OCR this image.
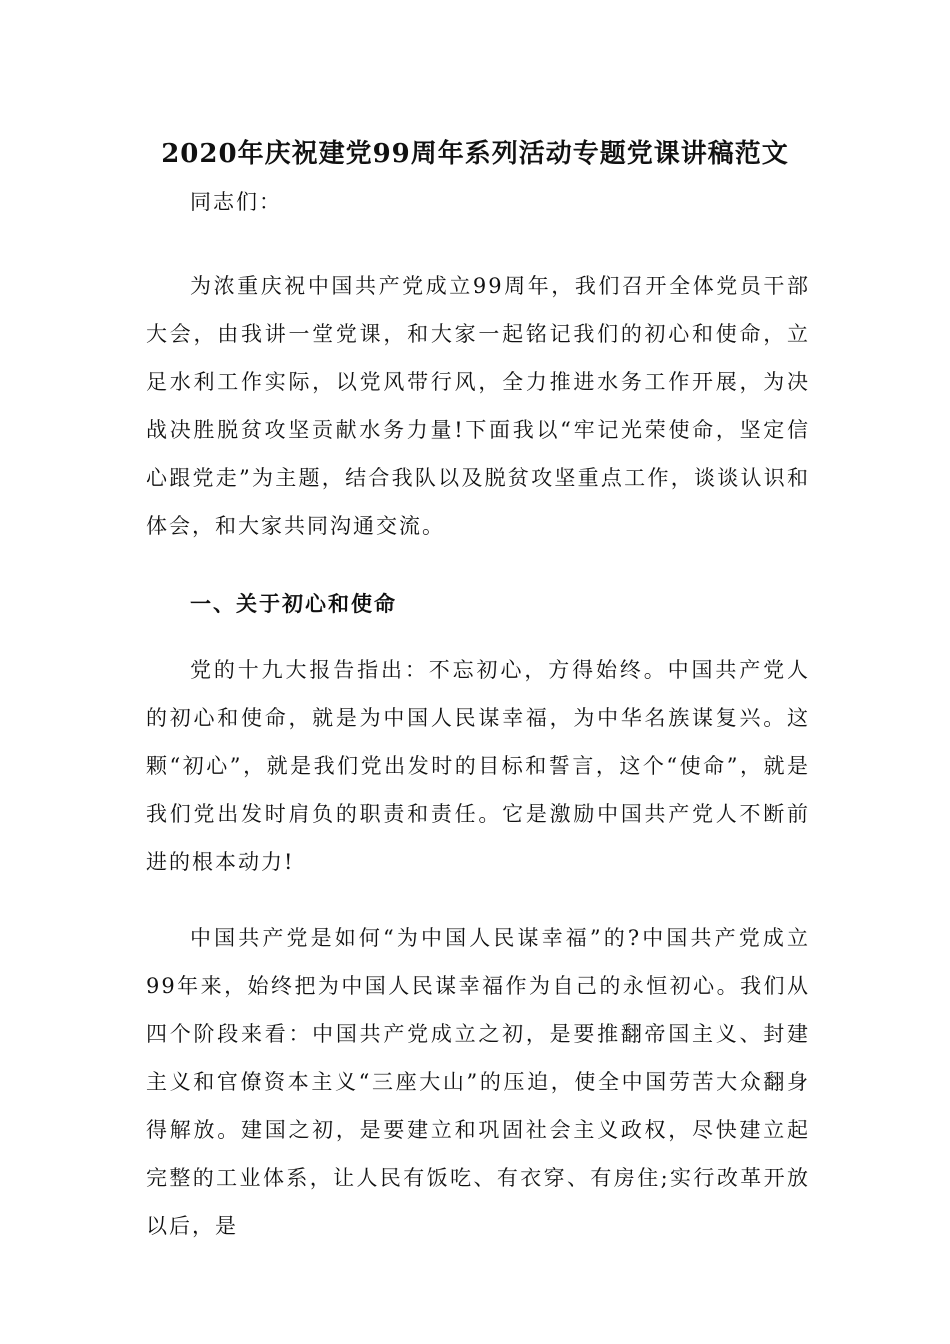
2020年庆祝建党99周年系列活动专题党课讲稿范文

同志们：

为浓重庆祝中国共产党成立99周年，我们召开全体党员干部大会，由我讲一堂党课，和大家一起铭记我们的初心和使命，立足水利工作实际，以党风带行风，全力推进水务工作开展，为决战决胜脱贫攻坚贡献水务力量!下面我以“牢记光荣使命，坚定信心跟党走”为主题，结合我队以及脱贫攻坚重点工作，谈谈认识和体会，和大家共同沟通交流。

一、关于初心和使命

党的十九大报告指出：不忘初心，方得始终。中国共产党人的初心和使命，就是为中国人民谋幸福，为中华名族谋复兴。这颗“初心”，就是我们党出发时的目标和誓言，这个“使命”，就是我们党出发时肩负的职责和责任。它是激励中国共产党人不断前进的根本动力!

中国共产党是如何“为中国人民谋幸福”的?中国共产党成立99年来，始终把为中国人民谋幸福作为自己的永恒初心。我们从四个阶段来看：中国共产党成立之初，是要推翻帝国主义、封建主义和官僚资本主义“三座大山”的压迫，使全中国劳苦大众翻身得解放。建国之初，是要建立和巩固社会主义政权，尽快建立起完整的工业体系，让人民有饭吃、有衣穿、有房住;实行改革开放以后，是
